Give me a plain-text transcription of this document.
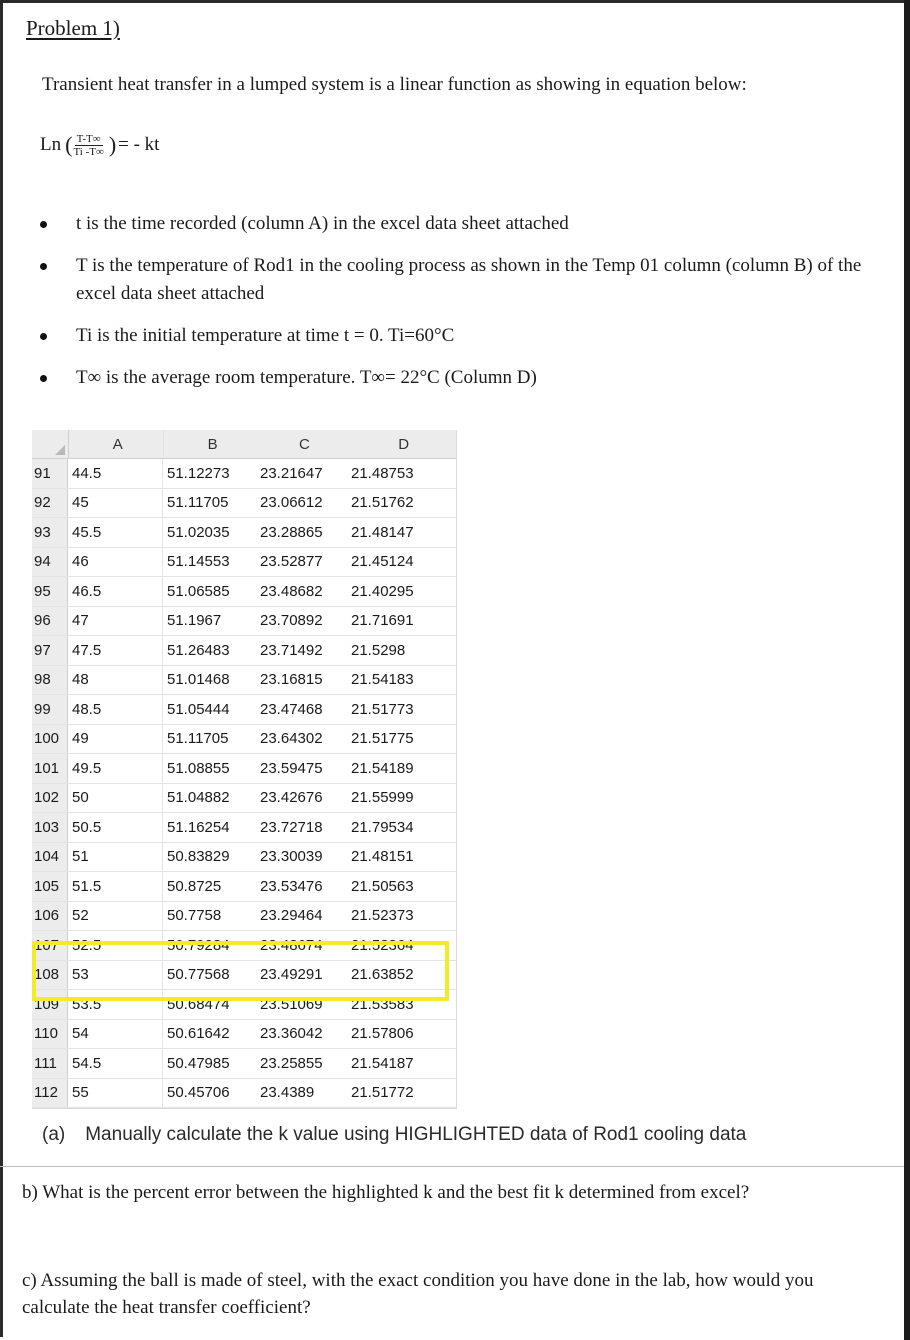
Problem 1)
Transient heat transfer in a lumped system is a linear function as showing in equation below:
Ln ( $\frac{T-T\infty}{Ti -T\infty}$ ) = - kt
t is the time recorded (column A) in the excel data sheet attached
T is the temperature of Rod1 in the cooling process as shown in the Temp 01 column (column B) of the excel data sheet attached
Ti is the initial temperature at time t = 0. Ti=60°C
T∞ is the average room temperature. T∞= 22°C (Column D)
A	B	C	D
91	44.5	51.12273	23.21647	21.48753
92	45	51.11705	23.06612	21.51762
93	45.5	51.02035	23.28865	21.48147
94	46	51.14553	23.52877	21.45124
95	46.5	51.06585	23.48682	21.40295
96	47	51.1967	23.70892	21.71691
97	47.5	51.26483	23.71492	21.5298
98	48	51.01468	23.16815	21.54183
99	48.5	51.05444	23.47468	21.51773
100 49	51.11705	23.64302	21.51775
101 49.5	51.08855	23.59475	21.54189
102 50	51.04882	23.42676	21.55999
103 50.5	51.16254	23.72718	21.79534
104 51	50.83829	23.30039	21.48151
105 51.5	50.8725	23.53476	21.50563
106 52	50.7758	23.29464	21.52373
107 52.5	50.79284	23.48674	21.52364
108 53	50.77568	23.49291	21.63852
109 53.5	50.68474	23.51069	21.53583
110 54	50.61642	23.36042	21.57806
111	54.5	50.47985	23.25855	21.54187
112 55	50.45706	23.4389	21.51772
(a) Manually calculate the k value using HIGHLIGHTED data of Rod1 cooling data
b) What is the percent error between the highlighted k and the best fit k determined from excel?
c) Assuming the ball is made of steel, with the exact condition you have done in the lab, how would you calculate the heat transfer coefficient?
